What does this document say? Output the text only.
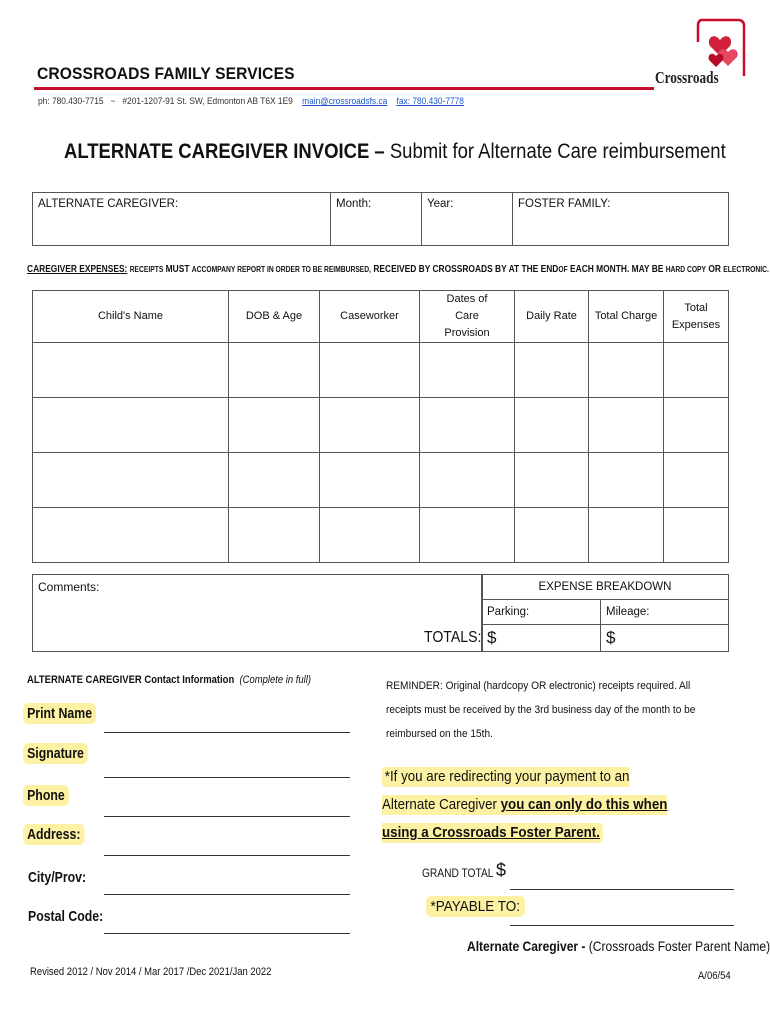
CROSSROADS FAMILY SERVICES
ph: 780.430-7715 ~ #201-1207-91 St. SW, Edmonton AB T6X 1E9 main@crossroadsfs.ca fax: 780.430-7778
Crossroads
ALTERNATE CAREGIVER INVOICE – Submit for Alternate Care reimbursement
ALTERNATE CAREGIVER:	Month:	Year:	FOSTER FAMILY:
CAREGIVER EXPENSES: RECEIPTS MUST ACCOMPANY REPORT IN ORDER TO BE REIMBURSED, RECEIVED BY CROSSROADS BY AT THE ENDOF EACH MONTH. MAY BE HARD COPY OR ELECTRONIC.
Child's Name	DOB & Age	Caseworker	Dates of Care Provision	Daily Rate	Total Charge	Total Expenses

Comments:
TOTALS:
EXPENSE BREAKDOWN	
Parking:	Mileage:
$	$
ALTERNATE CAREGIVER Contact Information (Complete in full)
Print Name
Signature
Phone
Address:
City/Prov:
Postal Code:
REMINDER: Original (hardcopy OR electronic) receipts required. All receipts must be received by the 3rd business day of the month to be reimbursed on the 15th.
*If you are redirecting your payment to an Alternate Caregiver you can only do this when using a Crossroads Foster Parent.
GRAND TOTAL $
*PAYABLE TO:
Alternate Caregiver - (Crossroads Foster Parent Name)
Revised 2012 / Nov 2014 / Mar 2017 /Dec 2021/Jan 2022	A/06/54
